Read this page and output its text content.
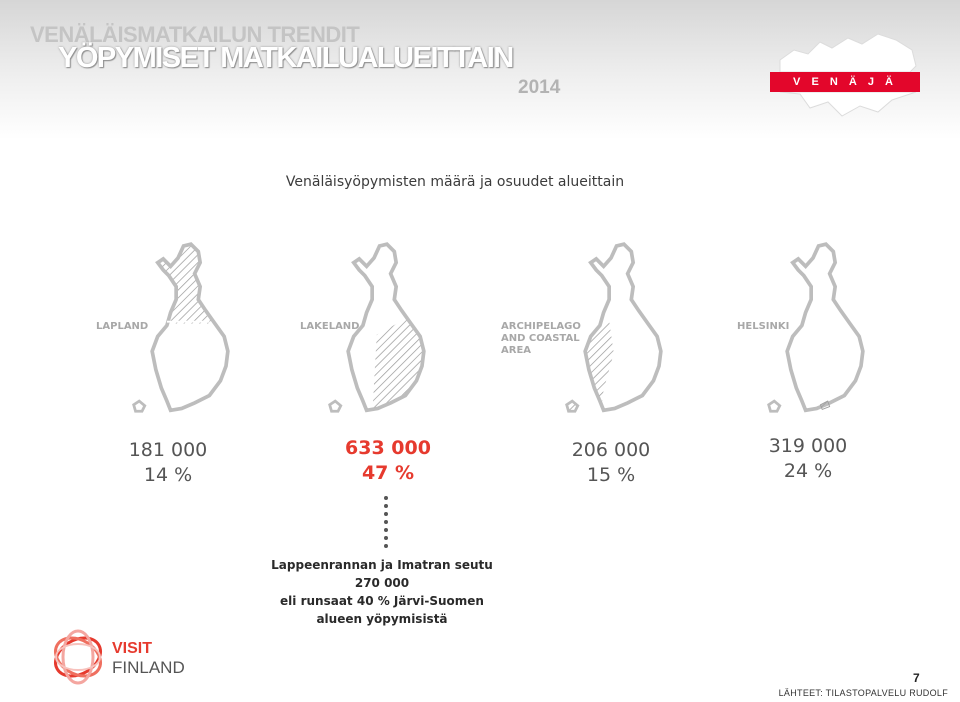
VENÄLÄISMATKAILUN TRENDIT
YÖPYMISET MATKAILUALUEITTAIN
2014	V E N Ä J Ä
Venäläisyöpymisten määrä ja osuudet alueittain
LAPLAND	LAKELAND	ARCHIPELAGO
AND COASTAL
AREA
HELSINKI
181 000
14 %
633 000
47 %
206 000
15 %
319 000
24 %
Lappeenrannan ja Imatran seutu
270 000
eli runsaat 40 % Järvi-Suomen
alueen yöpymisistä
VISIT
FINLAND
7
LÄHTEET: TILASTOPALVELU RUDOLF
